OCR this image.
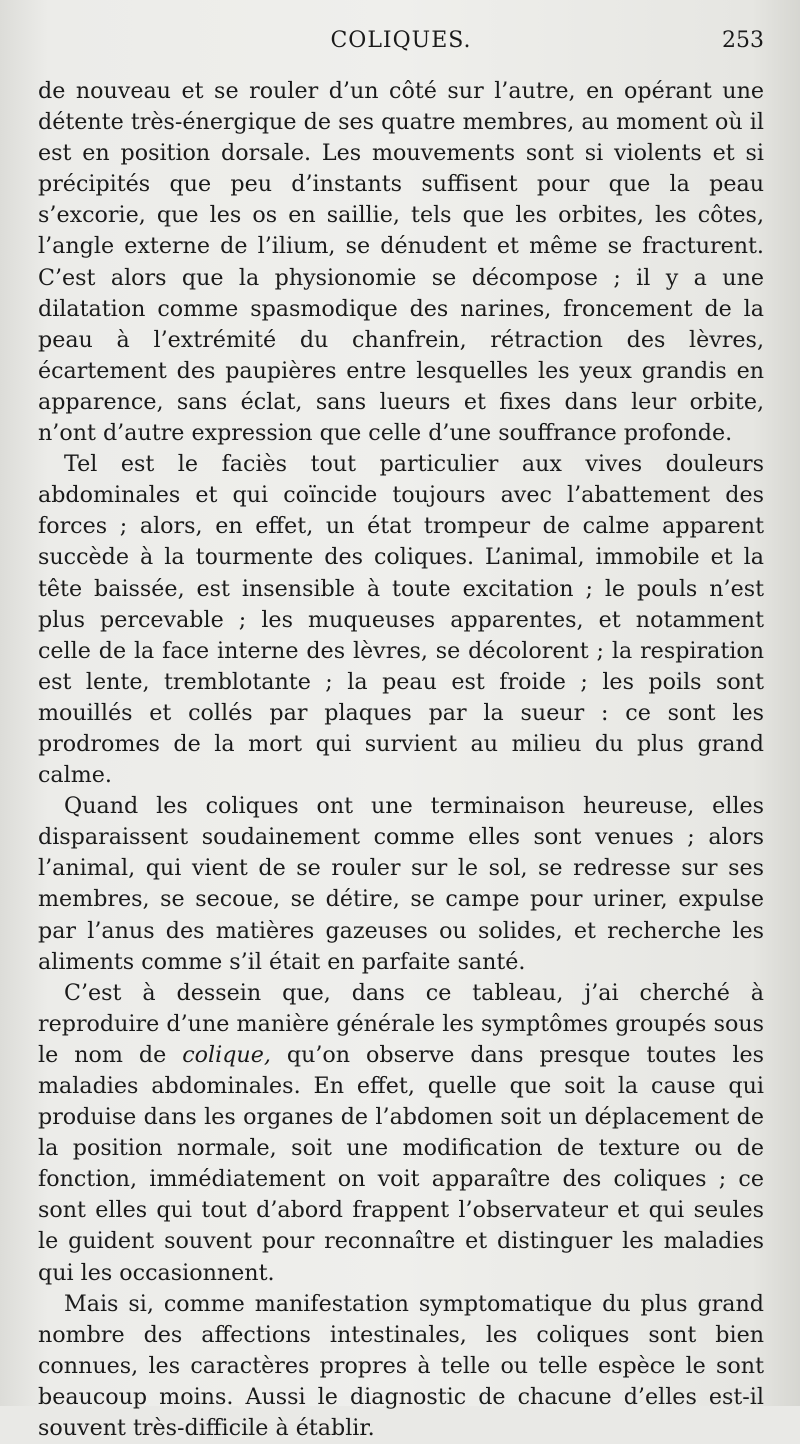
COLIQUES.	253

de nouveau et se rouler d’un côté sur l’autre, en opérant une détente très-énergique de ses quatre membres, au moment où il est en position dorsale. Les mouvements sont si violents et si précipités que peu d’instants suffisent pour que la peau s’excorie, que les os en saillie, tels que les orbites, les côtes, l’angle externe de l’ilium, se dénudent et même se fracturent. C’est alors que la physionomie se décompose ; il y a une dilatation comme spasmodique des narines, froncement de la peau à l’extrémité du chanfrein, rétraction des lèvres, écartement des paupières entre lesquelles les yeux grandis en apparence, sans éclat, sans lueurs et fixes dans leur orbite, n’ont d’autre expression que celle d’une souffrance profonde.

Tel est le faciès tout particulier aux vives douleurs abdominales et qui coïncide toujours avec l’abattement des forces ; alors, en effet, un état trompeur de calme apparent succède à la tourmente des coliques. L’animal, immobile et la tête baissée, est insensible à toute excitation ; le pouls n’est plus percevable ; les muqueuses apparentes, et notamment celle de la face interne des lèvres, se décolorent ; la respiration est lente, tremblotante ; la peau est froide ; les poils sont mouillés et collés par plaques par la sueur : ce sont les prodromes de la mort qui survient au milieu du plus grand calme.

Quand les coliques ont une terminaison heureuse, elles disparaissent soudainement comme elles sont venues ; alors l’animal, qui vient de se rouler sur le sol, se redresse sur ses membres, se secoue, se détire, se campe pour uriner, expulse par l’anus des matières gazeuses ou solides, et recherche les aliments comme s’il était en parfaite santé.

C’est à dessein que, dans ce tableau, j’ai cherché à reproduire d’une manière générale les symptômes groupés sous le nom de colique, qu’on observe dans presque toutes les maladies abdominales. En effet, quelle que soit la cause qui produise dans les organes de l’abdomen soit un déplacement de la position normale, soit une modification de texture ou de fonction, immédiatement on voit apparaître des coliques ; ce sont elles qui tout d’abord frappent l’observateur et qui seules le guident souvent pour reconnaître et distinguer les maladies qui les occasionnent.

Mais si, comme manifestation symptomatique du plus grand nombre des affections intestinales, les coliques sont bien connues, les caractères propres à telle ou telle espèce le sont beaucoup moins. Aussi le diagnostic de chacune d’elles est-il souvent très-difficile à établir.
